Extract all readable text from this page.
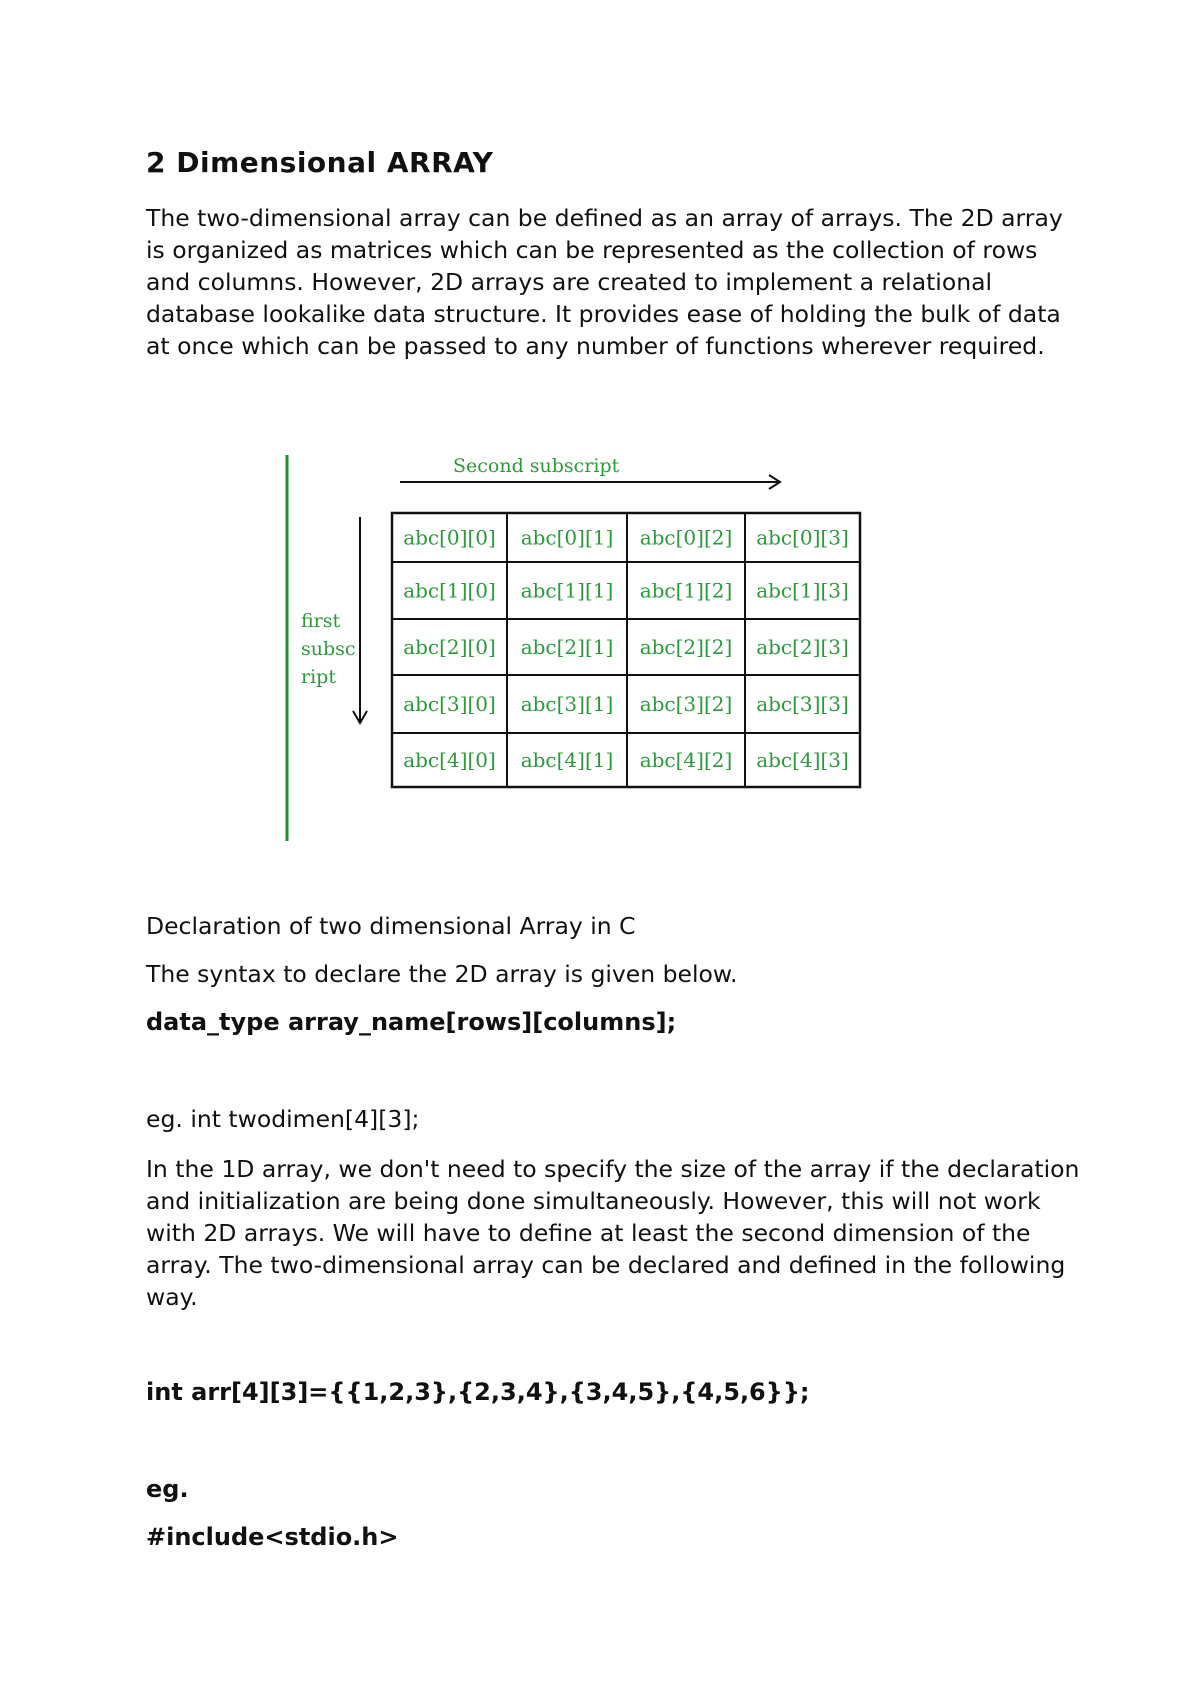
2 Dimensional ARRAY

The two-dimensional array can be defined as an array of arrays. The 2D array is organized as matrices which can be represented as the collection of rows and columns. However, 2D arrays are created to implement a relational database lookalike data structure. It provides ease of holding the bulk of data at once which can be passed to any number of functions wherever required.

Second subscript
first
subsc
ript
abc[0][0] abc[0][1] abc[0][2] abc[0][3]
abc[1][0] abc[1][1] abc[1][2] abc[1][3]
abc[2][0] abc[2][1] abc[2][2] abc[2][3]
abc[3][0] abc[3][1] abc[3][2] abc[3][3]
abc[4][0] abc[4][1] abc[4][2] abc[4][3]

Declaration of two dimensional Array in C

The syntax to declare the 2D array is given below.

data_type array_name[rows][columns];

eg. int twodimen[4][3];

In the 1D array, we don't need to specify the size of the array if the declaration and initialization are being done simultaneously. However, this will not work with 2D arrays. We will have to define at least the second dimension of the array. The two-dimensional array can be declared and defined in the following way.

int arr[4][3]={{1,2,3},{2,3,4},{3,4,5},{4,5,6}};

eg.

#include<stdio.h>
